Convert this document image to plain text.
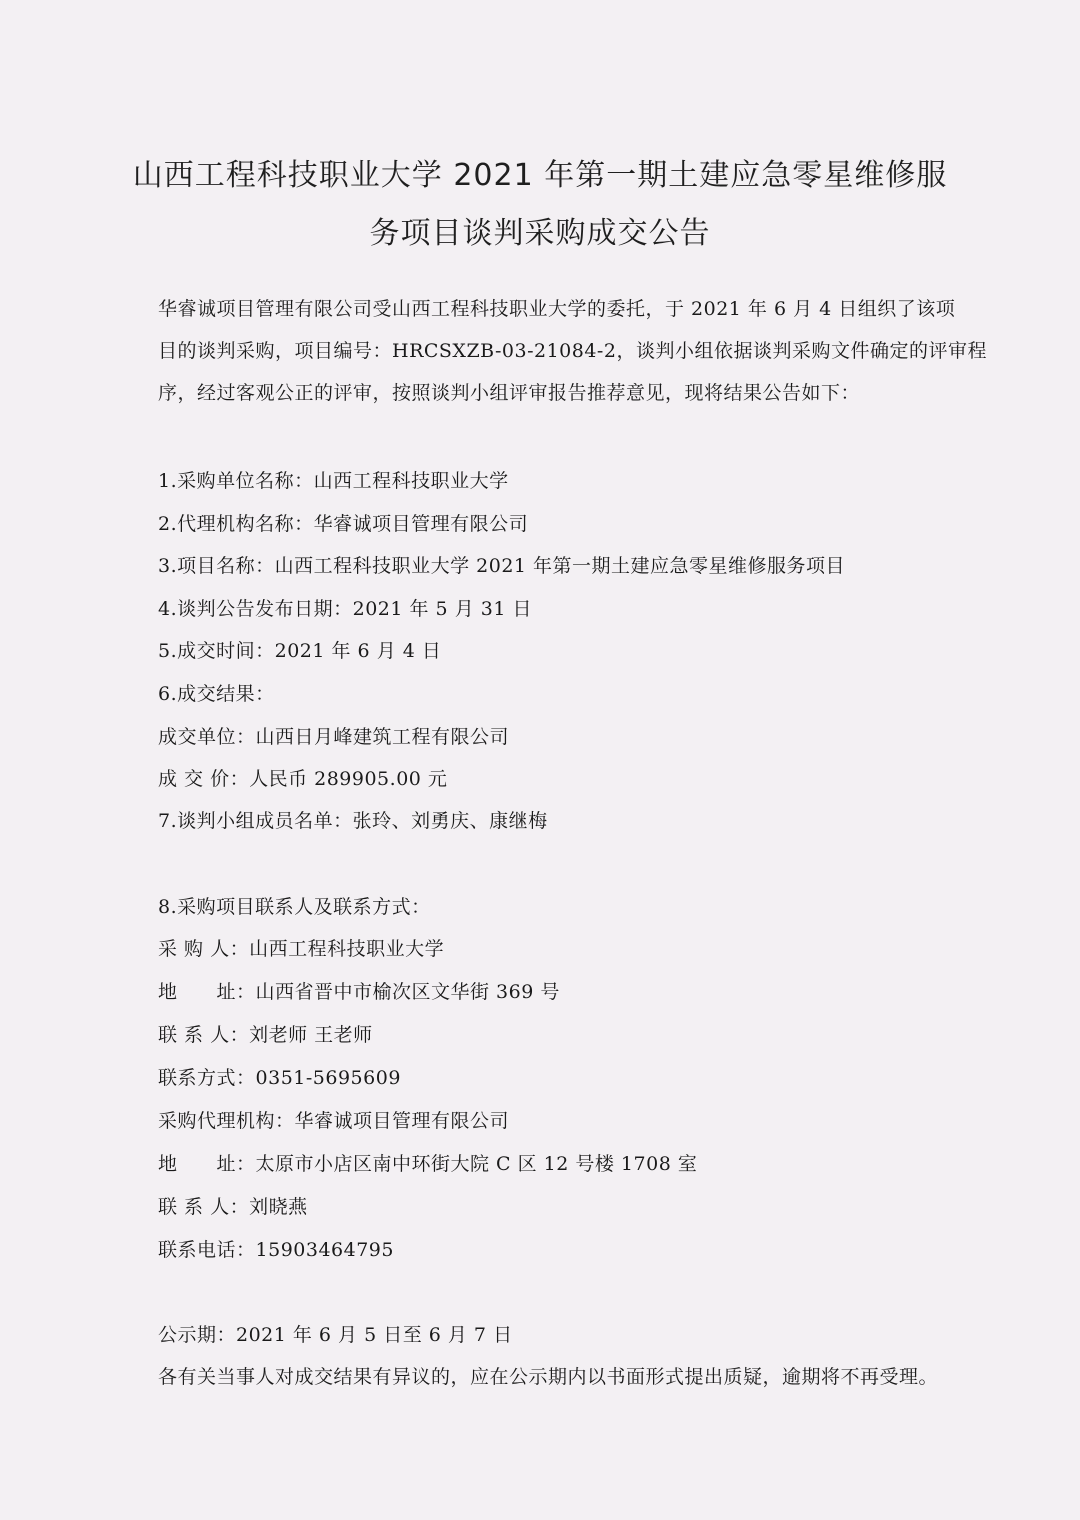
山西工程科技职业大学 2021 年第一期土建应急零星维修服
务项目谈判采购成交公告
华睿诚项目管理有限公司受山西工程科技职业大学的委托，于 2021 年 6 月 4 日组织了该项
目的谈判采购，项目编号：HRCSXZB-03-21084-2，谈判小组依据谈判采购文件确定的评审程
序，经过客观公正的评审，按照谈判小组评审报告推荐意见，现将结果公告如下：
1.采购单位名称：山西工程科技职业大学
2.代理机构名称：华睿诚项目管理有限公司
3.项目名称：山西工程科技职业大学 2021 年第一期土建应急零星维修服务项目
4.谈判公告发布日期：2021 年 5 月 31 日
5.成交时间：2021 年 6 月 4 日
6.成交结果：
成交单位：山西日月峰建筑工程有限公司
成 交 价：人民币 289905.00 元
7.谈判小组成员名单：张玲、刘勇庆、康继梅
8.采购项目联系人及联系方式：
采 购 人：山西工程科技职业大学
地　　址：山西省晋中市榆次区文华街 369 号
联 系 人：刘老师 王老师
联系方式：0351-5695609
采购代理机构：华睿诚项目管理有限公司
地　　址：太原市小店区南中环街大院 C 区 12 号楼 1708 室
联 系 人：刘晓燕
联系电话：15903464795
公示期：2021 年 6 月 5 日至 6 月 7 日
各有关当事人对成交结果有异议的，应在公示期内以书面形式提出质疑，逾期将不再受理。
